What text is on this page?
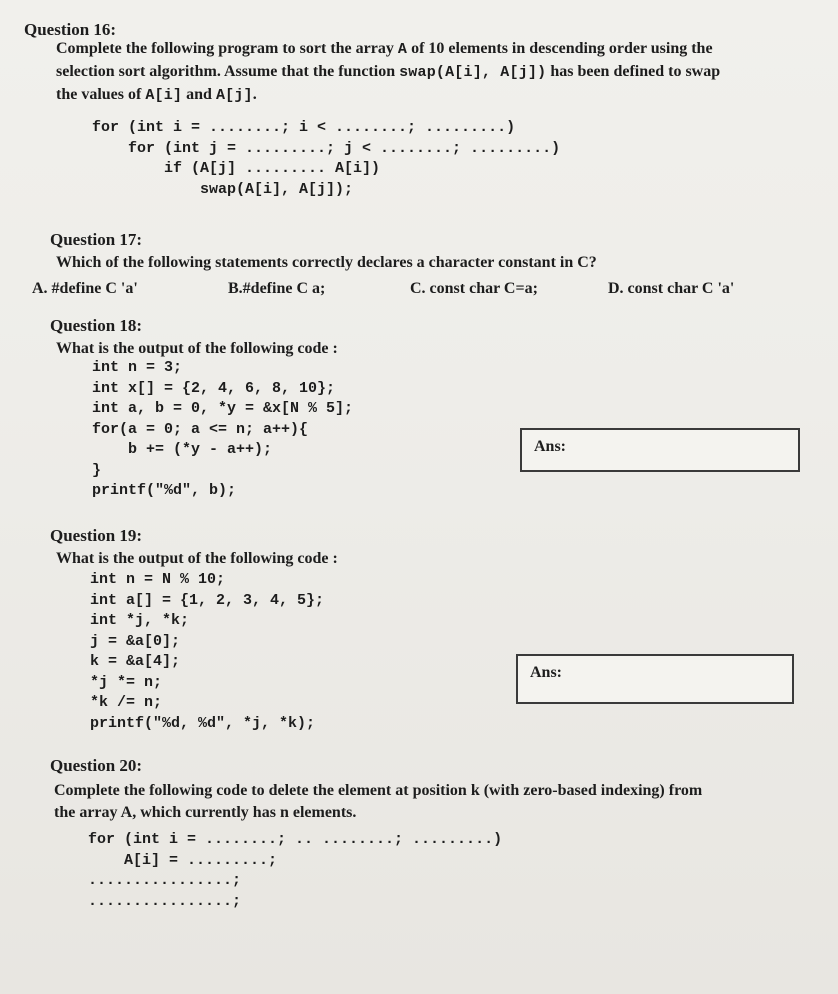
Question 16:
Complete the following program to sort the array A of 10 elements in descending order using the
selection sort algorithm. Assume that the function swap(A[i], A[j]) has been defined to swap
the values of A[i] and A[j].
for (int i = ........; i < ........; .........)
for (int j = .........; j < ........; .........)
if (A[j] ......... A[i])
swap(A[i], A[j]);
Question 17:
Which of the following statements correctly declares a character constant in C?
A. #define C 'a'	B.#define C a;	C. const char C=a;	D. const char C 'a'
Question 18:
What is the output of the following code :
int n = 3;
int x[] = {2, 4, 6, 8, 10};
int a, b = 0, *y = &x[N % 5];
for(a = 0; a <= n; a++){
b += (*y - a++);
}
printf("%d", b);
Ans:
Question 19:
What is the output of the following code :
int n = N % 10;
int a[] = {1, 2, 3, 4, 5};
int *j, *k;
j = &a[0];
k = &a[4];
*j *= n;
*k /= n;
printf("%d, %d", *j, *k);
Ans:
Question 20:
Complete the following code to delete the element at position k (with zero-based indexing) from
the array A, which currently has n elements.
for (int i = ........; .. ........; .........)
A[i] = .........;
................;
................;
